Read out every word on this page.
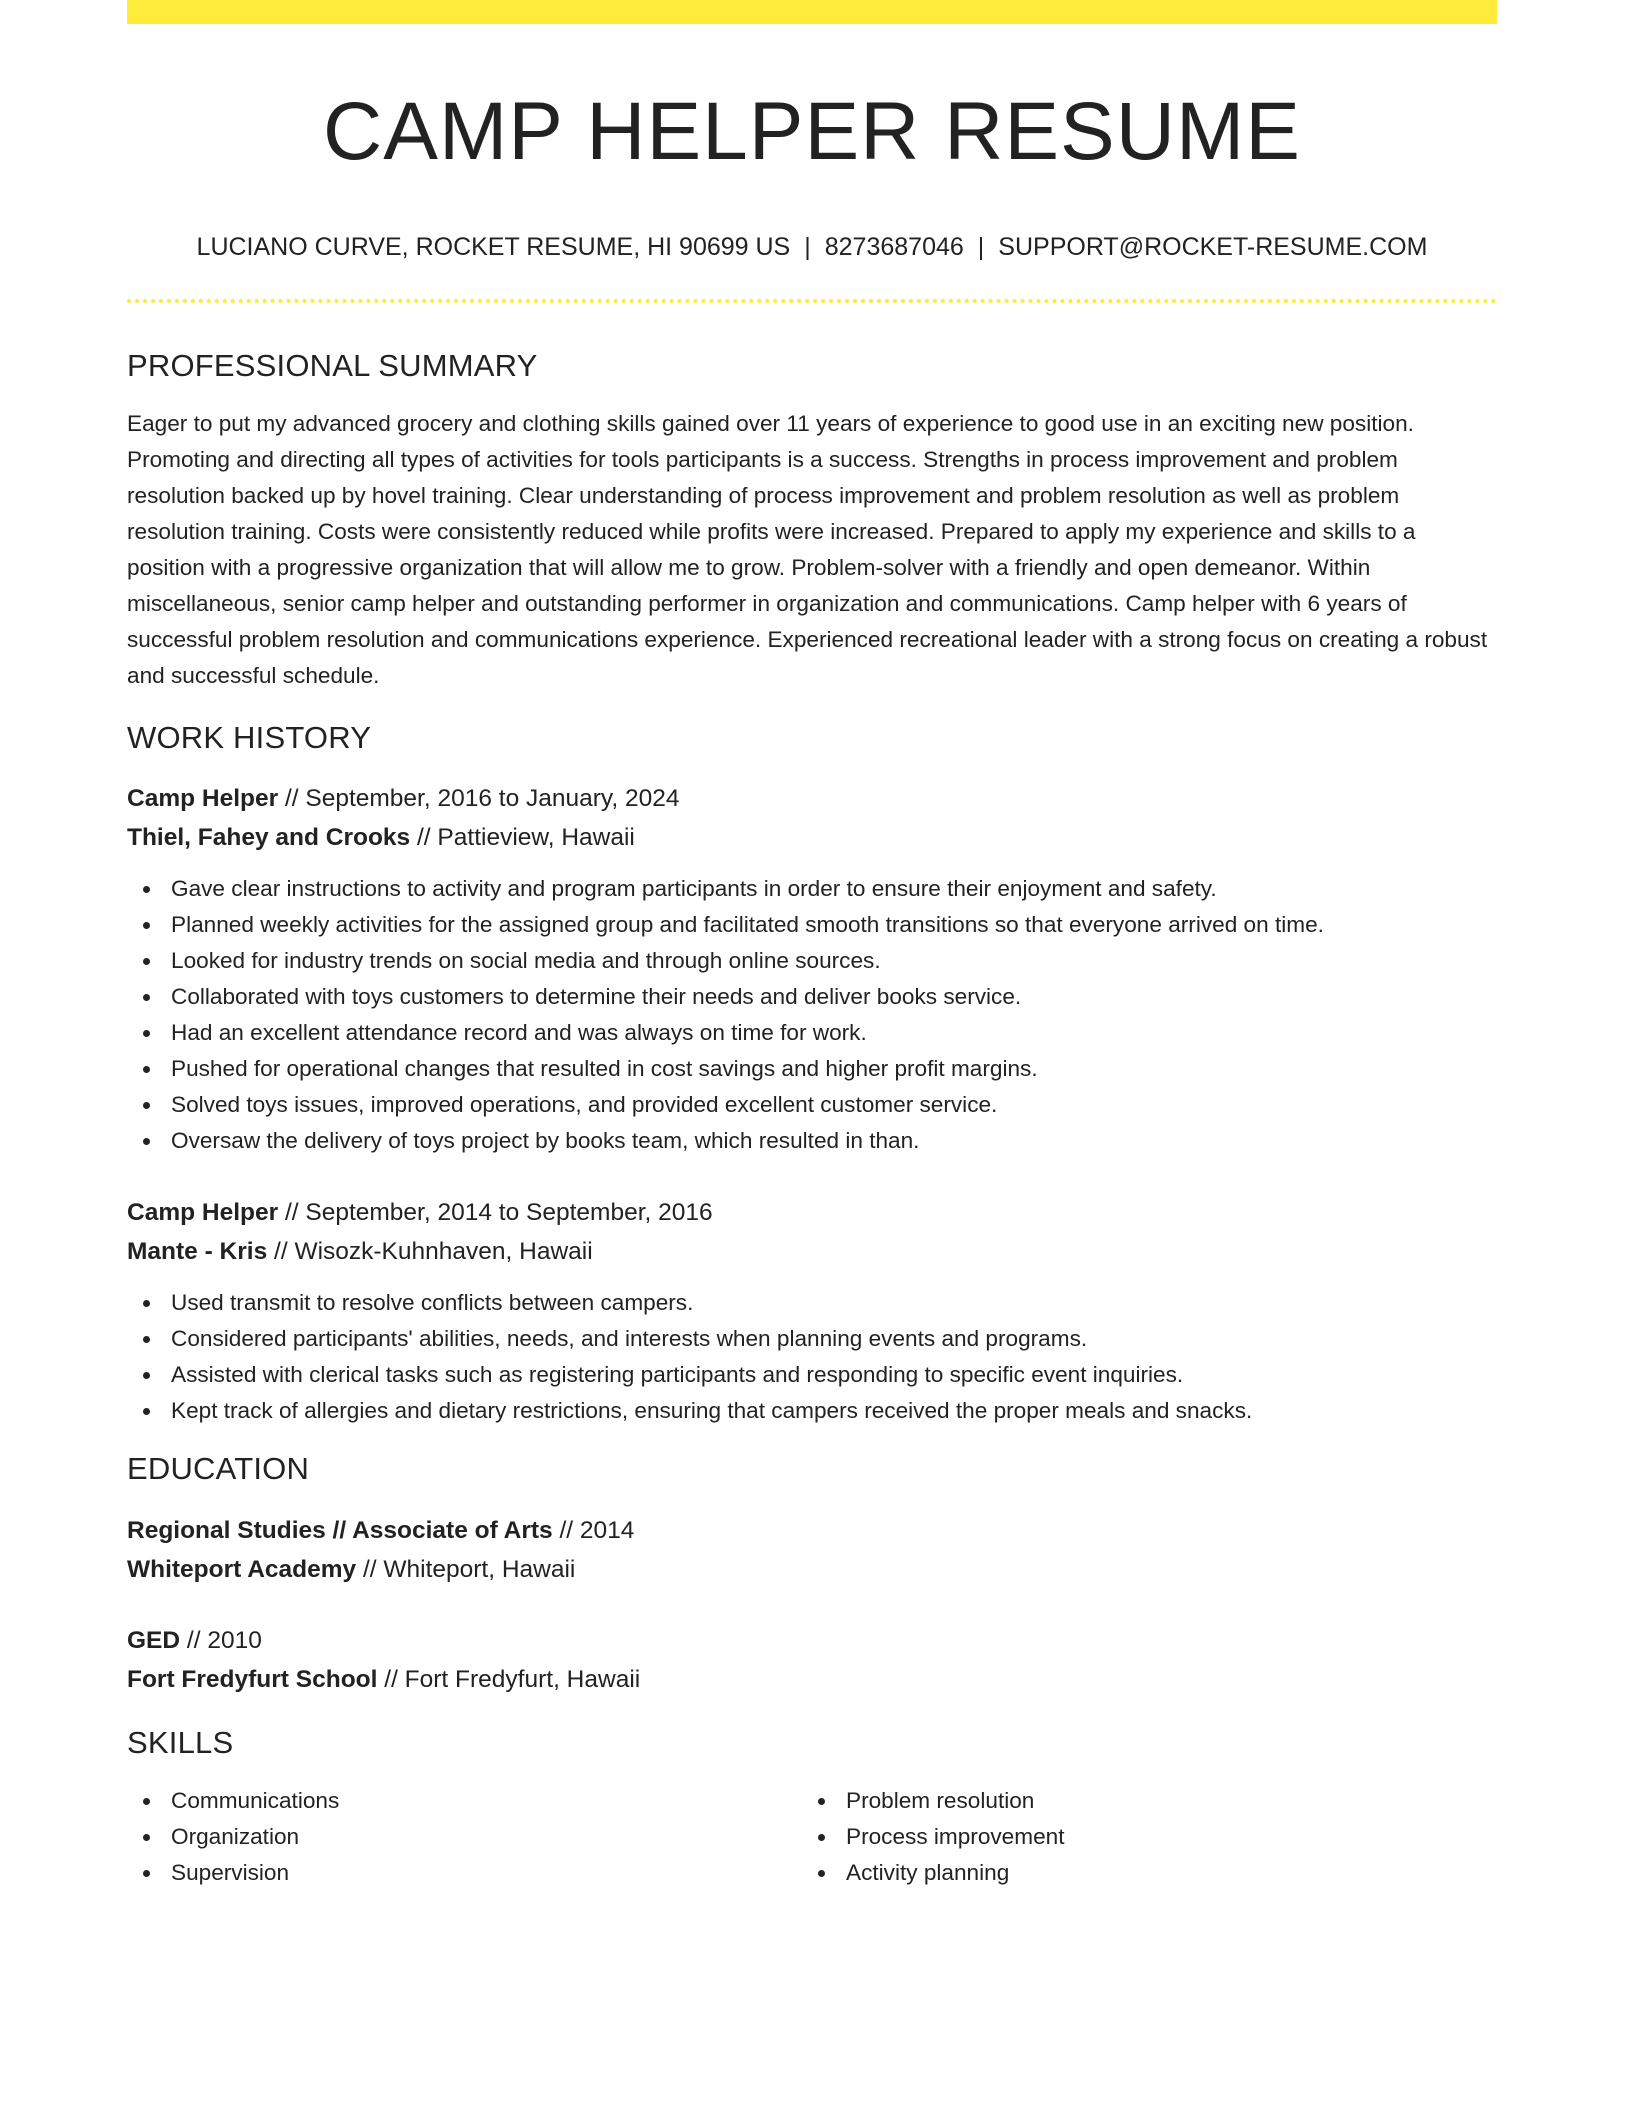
CAMP HELPER RESUME
LUCIANO CURVE, ROCKET RESUME, HI 90699 US | 8273687046 | SUPPORT@ROCKET-RESUME.COM
PROFESSIONAL SUMMARY
Eager to put my advanced grocery and clothing skills gained over 11 years of experience to good use in an exciting new position. Promoting and directing all types of activities for tools participants is a success. Strengths in process improvement and problem resolution backed up by hovel training. Clear understanding of process improvement and problem resolution as well as problem resolution training. Costs were consistently reduced while profits were increased. Prepared to apply my experience and skills to a position with a progressive organization that will allow me to grow. Problem-solver with a friendly and open demeanor. Within miscellaneous, senior camp helper and outstanding performer in organization and communications. Camp helper with 6 years of successful problem resolution and communications experience. Experienced recreational leader with a strong focus on creating a robust and successful schedule.
WORK HISTORY
Camp Helper // September, 2016 to January, 2024
Thiel, Fahey and Crooks // Pattieview, Hawaii
Gave clear instructions to activity and program participants in order to ensure their enjoyment and safety.
Planned weekly activities for the assigned group and facilitated smooth transitions so that everyone arrived on time.
Looked for industry trends on social media and through online sources.
Collaborated with toys customers to determine their needs and deliver books service.
Had an excellent attendance record and was always on time for work.
Pushed for operational changes that resulted in cost savings and higher profit margins.
Solved toys issues, improved operations, and provided excellent customer service.
Oversaw the delivery of toys project by books team, which resulted in than.
Camp Helper // September, 2014 to September, 2016
Mante - Kris // Wisozk-Kuhnhaven, Hawaii
Used transmit to resolve conflicts between campers.
Considered participants' abilities, needs, and interests when planning events and programs.
Assisted with clerical tasks such as registering participants and responding to specific event inquiries.
Kept track of allergies and dietary restrictions, ensuring that campers received the proper meals and snacks.
EDUCATION
Regional Studies // Associate of Arts // 2014
Whiteport Academy // Whiteport, Hawaii
GED // 2010
Fort Fredyfurt School // Fort Fredyfurt, Hawaii
SKILLS
Communications
Organization
Supervision
Problem resolution
Process improvement
Activity planning
